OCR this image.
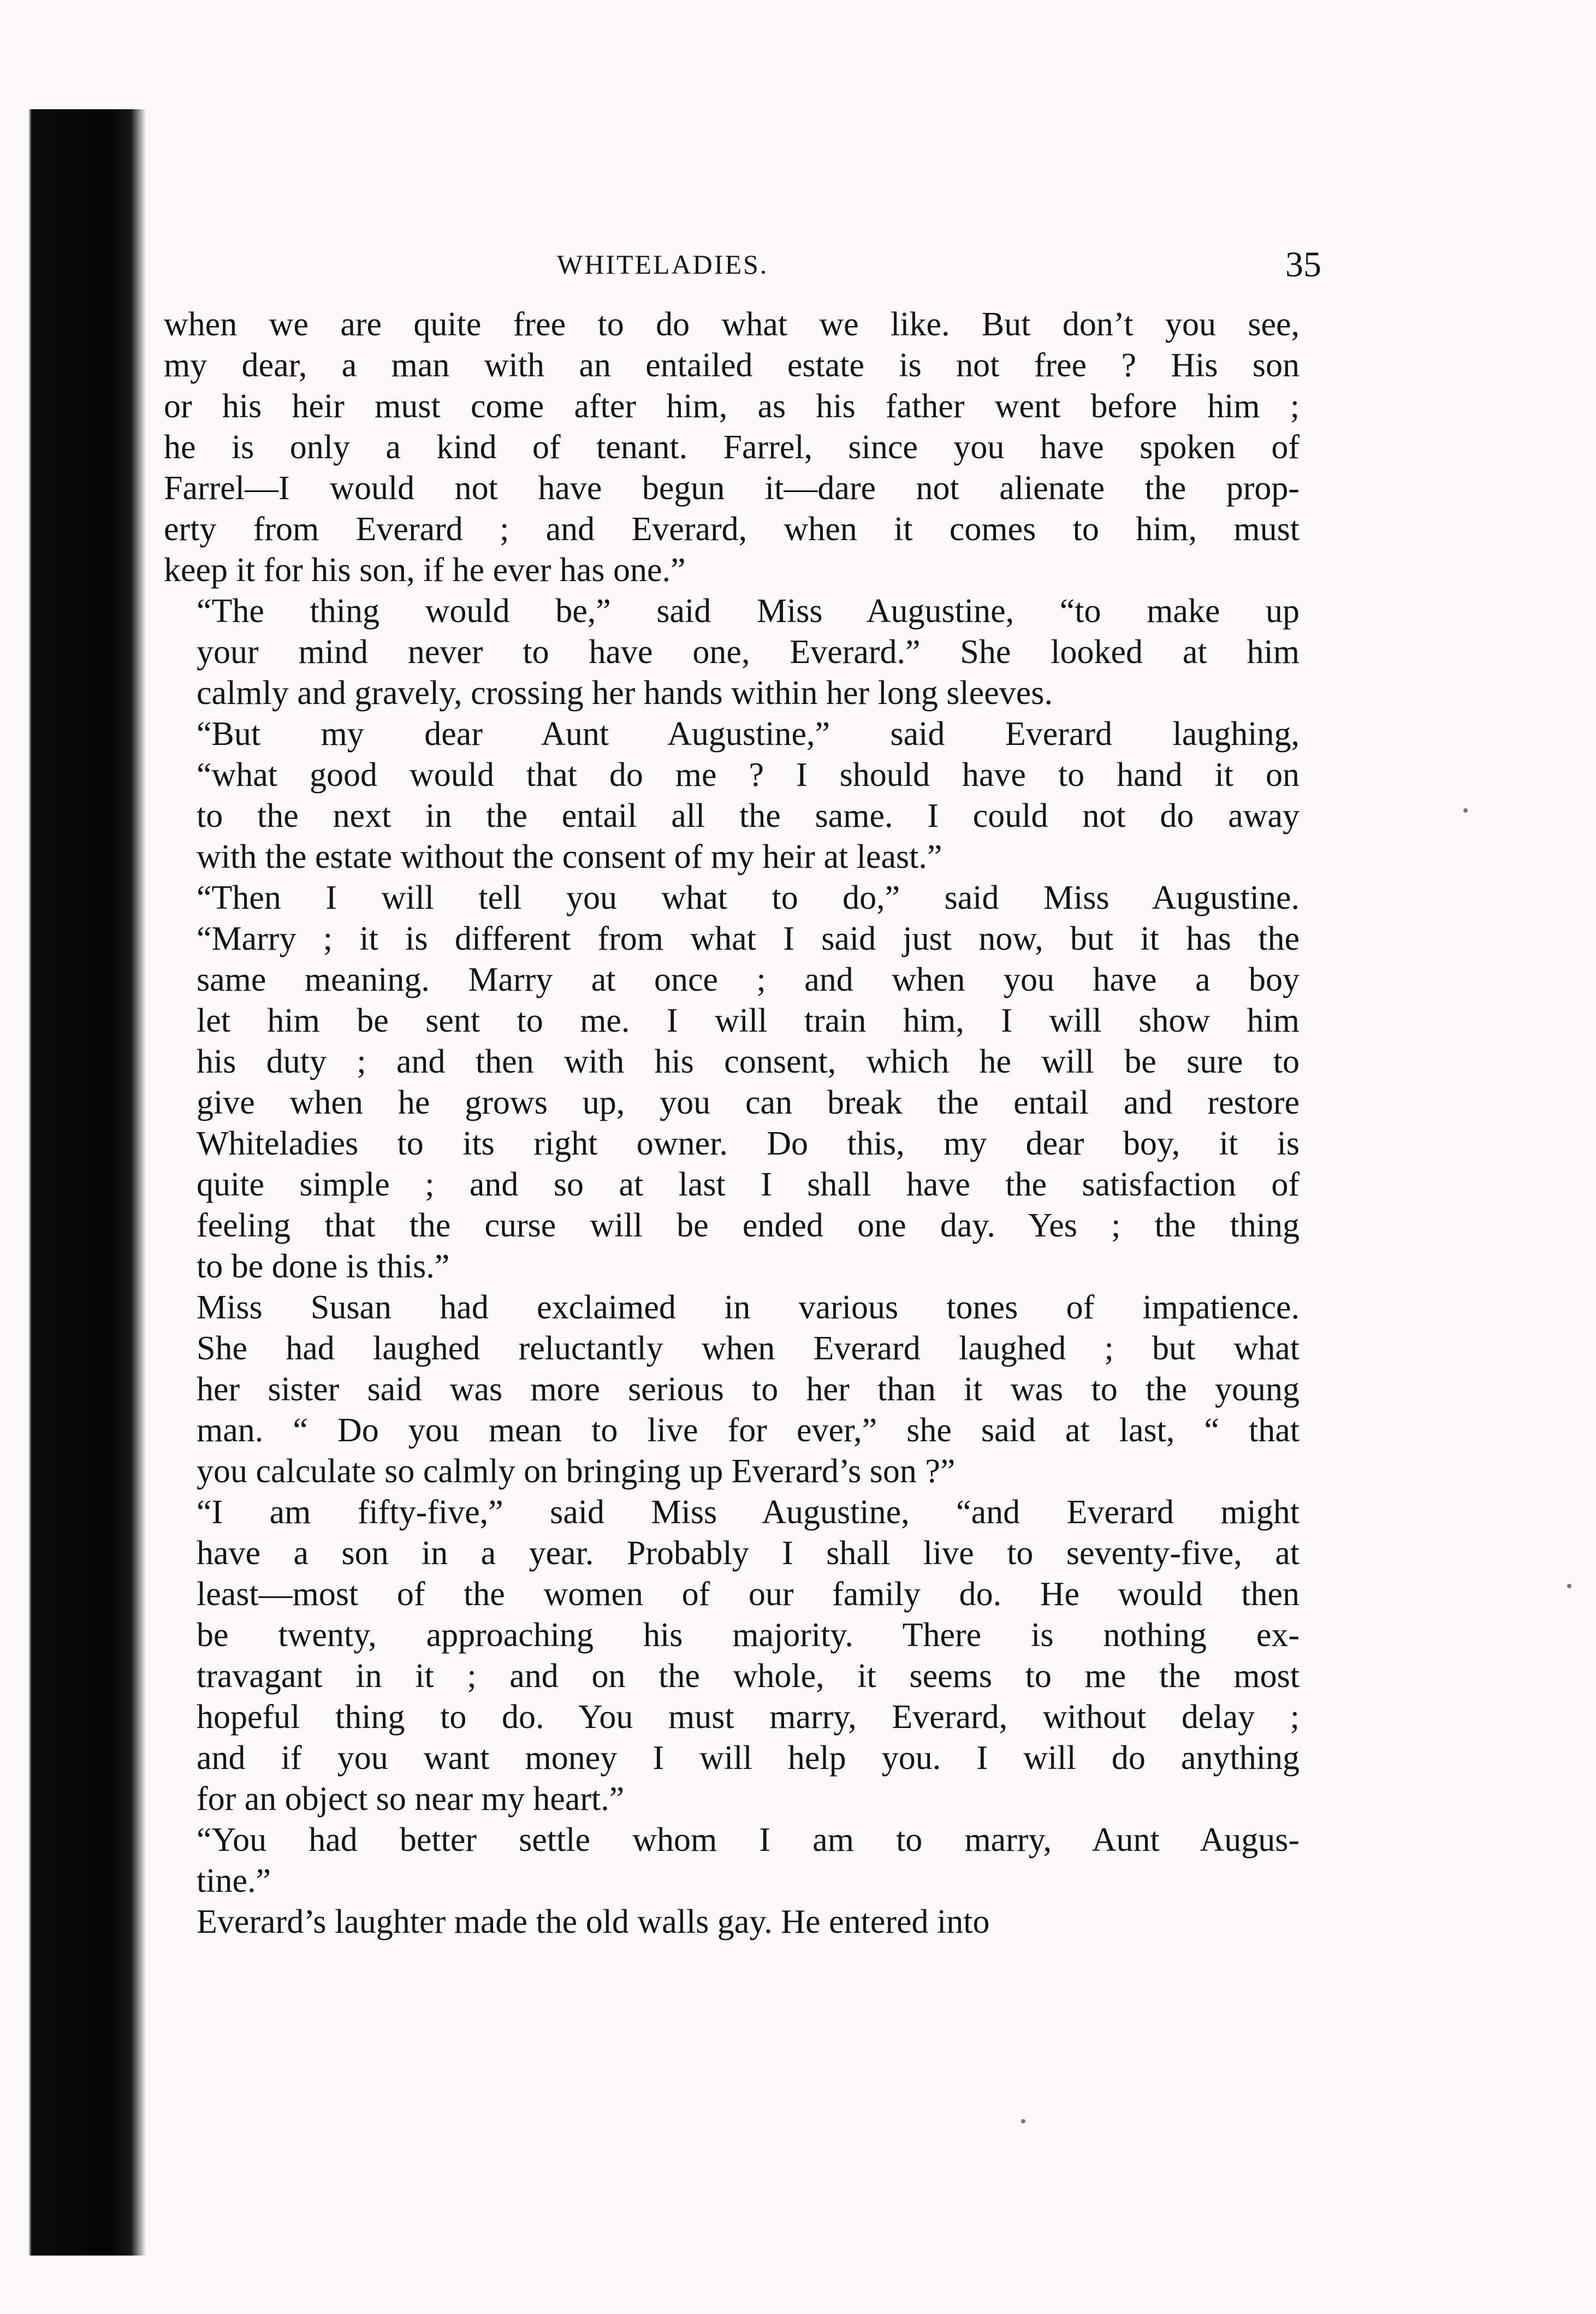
WHITELADIES.	35

when we are quite free to do what we like. But don’t you see,
my dear, a man with an entailed estate is not free ? His son
or his heir must come after him, as his father went before him ;
he is only a kind of tenant. Farrel, since you have spoken of
Farrel—I would not have begun it—dare not alienate the prop-
erty from Everard ; and Everard, when it comes to him, must
keep it for his son, if he ever has one.”

“The thing would be,” said Miss Augustine, “to make up
your mind never to have one, Everard.” She looked at him
calmly and gravely, crossing her hands within her long sleeves.

“But my dear Aunt Augustine,” said Everard laughing,
“what good would that do me ? I should have to hand it on
to the next in the entail all the same. I could not do away
with the estate without the consent of my heir at least.”

“Then I will tell you what to do,” said Miss Augustine.
“Marry ; it is different from what I said just now, but it has the
same meaning. Marry at once ; and when you have a boy
let him be sent to me. I will train him, I will show him
his duty ; and then with his consent, which he will be sure to
give when he grows up, you can break the entail and restore
Whiteladies to its right owner. Do this, my dear boy, it is
quite simple ; and so at last I shall have the satisfaction of
feeling that the curse will be ended one day. Yes ; the thing
to be done is this.”

Miss Susan had exclaimed in various tones of impatience.
She had laughed reluctantly when Everard laughed ; but what
her sister said was more serious to her than it was to the young
man. “ Do you mean to live for ever,” she said at last, “ that
you calculate so calmly on bringing up Everard’s son ?”

“I am fifty-five,” said Miss Augustine, “and Everard might
have a son in a year. Probably I shall live to seventy-five, at
least—most of the women of our family do. He would then
be twenty, approaching his majority. There is nothing ex-
travagant in it ; and on the whole, it seems to me the most
hopeful thing to do. You must marry, Everard, without delay ;
and if you want money I will help you. I will do anything
for an object so near my heart.”

“You had better settle whom I am to marry, Aunt Augus-
tine.”

Everard’s laughter made the old walls gay. He entered into
